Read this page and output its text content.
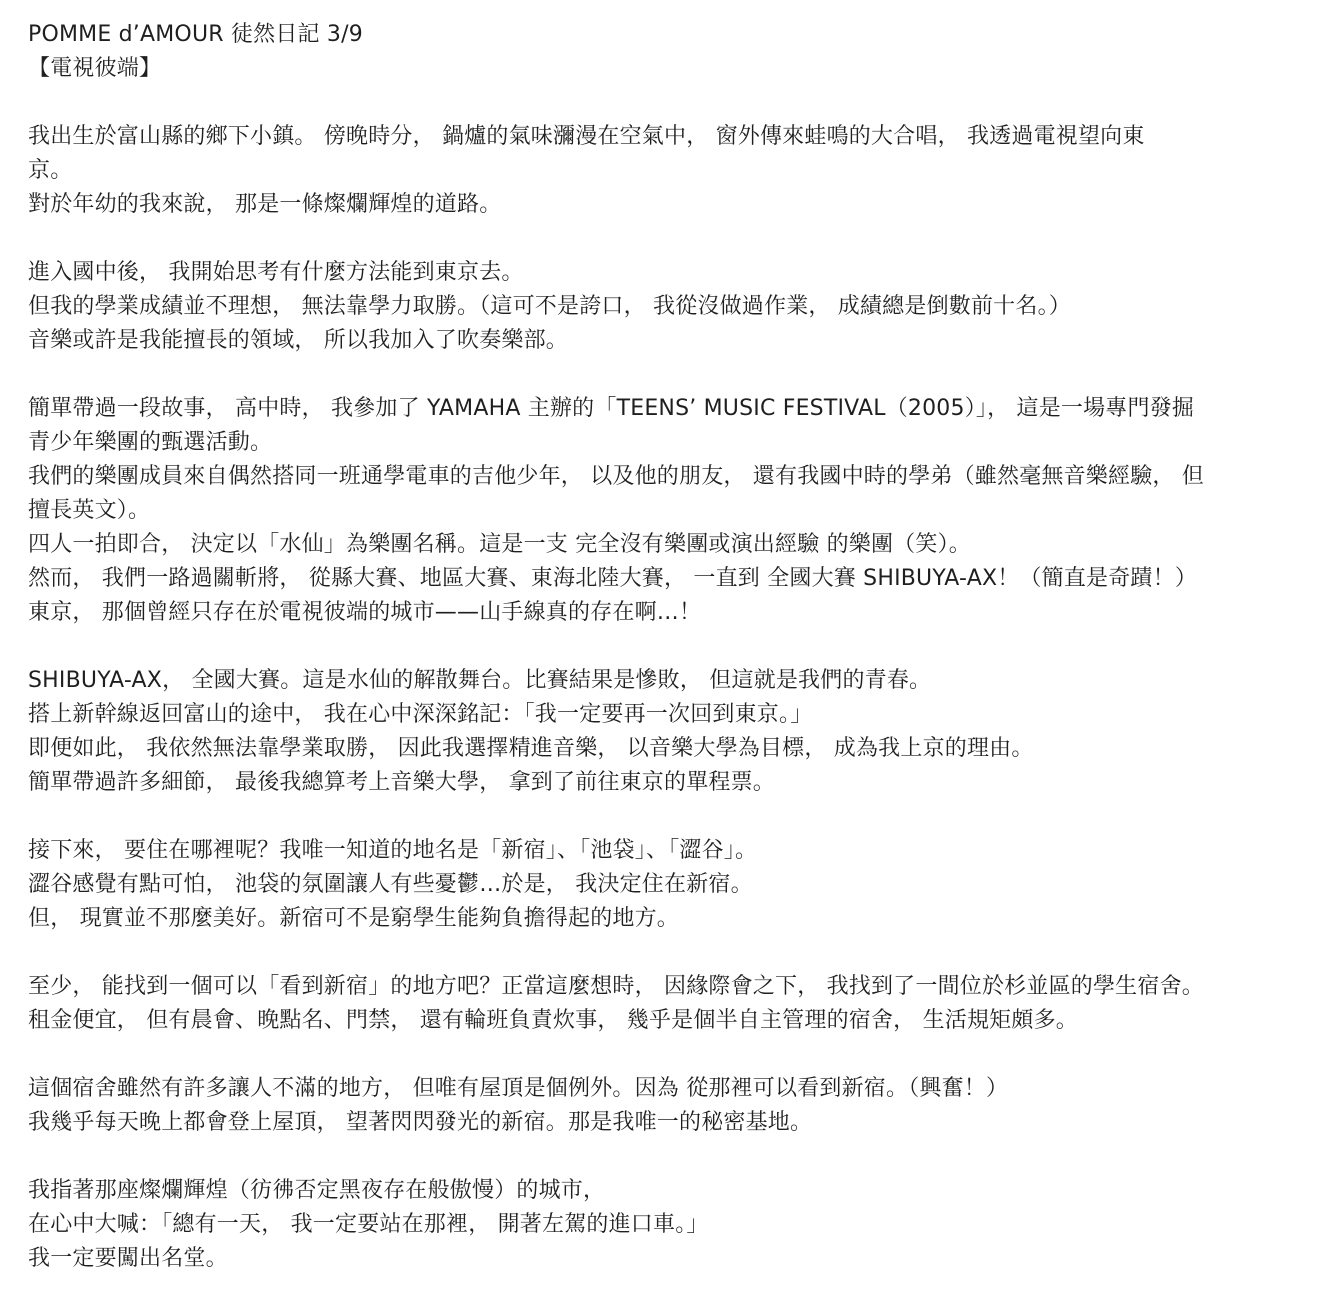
POMME d’AMOUR 徒然日記 3/9
【電視彼端】
我出生於富山縣的鄉下小鎮。 傍晚時分， 鍋爐的氣味瀰漫在空氣中， 窗外傳來蛙鳴的大合唱， 我透過電視望向東
京。
對於年幼的我來說， 那是一條燦爛輝煌的道路。
進入國中後， 我開始思考有什麼方法能到東京去。
但我的學業成績並不理想， 無法靠學力取勝。（這可不是誇口， 我從沒做過作業， 成績總是倒數前十名。）
音樂或許是我能擅長的領域， 所以我加入了吹奏樂部。
簡單帶過一段故事， 高中時， 我參加了 YAMAHA 主辦的「TEENS’ MUSIC FESTIVAL（2005）」， 這是一場專門發掘
青少年樂團的甄選活動。
我們的樂團成員來自偶然搭同一班通學電車的吉他少年， 以及他的朋友， 還有我國中時的學弟（雖然毫無音樂經驗， 但
擅長英文）。
四人一拍即合， 決定以「水仙」為樂團名稱。這是一支 完全沒有樂團或演出經驗 的樂團（笑）。
然而， 我們一路過關斬將， 從縣大賽、地區大賽、東海北陸大賽， 一直到 全國大賽 SHIBUYA-AX！（簡直是奇蹟！）
東京， 那個曾經只存在於電視彼端的城市——山手線真的存在啊…！
SHIBUYA-AX， 全國大賽。這是水仙的解散舞台。比賽結果是慘敗， 但這就是我們的青春。
搭上新幹線返回富山的途中， 我在心中深深銘記：「我一定要再一次回到東京。」
即便如此， 我依然無法靠學業取勝， 因此我選擇精進音樂， 以音樂大學為目標， 成為我上京的理由。
簡單帶過許多細節， 最後我總算考上音樂大學， 拿到了前往東京的單程票。
接下來， 要住在哪裡呢？我唯一知道的地名是「新宿」、「池袋」、「澀谷」。
澀谷感覺有點可怕， 池袋的氛圍讓人有些憂鬱…於是， 我決定住在新宿。
但， 現實並不那麼美好。新宿可不是窮學生能夠負擔得起的地方。
至少， 能找到一個可以「看到新宿」的地方吧？正當這麼想時， 因緣際會之下， 我找到了一間位於杉並區的學生宿舍。
租金便宜， 但有晨會、晚點名、門禁， 還有輪班負責炊事， 幾乎是個半自主管理的宿舍， 生活規矩頗多。
這個宿舍雖然有許多讓人不滿的地方， 但唯有屋頂是個例外。因為 從那裡可以看到新宿。（興奮！）
我幾乎每天晚上都會登上屋頂， 望著閃閃發光的新宿。那是我唯一的秘密基地。
我指著那座燦爛輝煌（彷彿否定黑夜存在般傲慢）的城市，
在心中大喊：「總有一天， 我一定要站在那裡， 開著左駕的進口車。」
我一定要闖出名堂。
